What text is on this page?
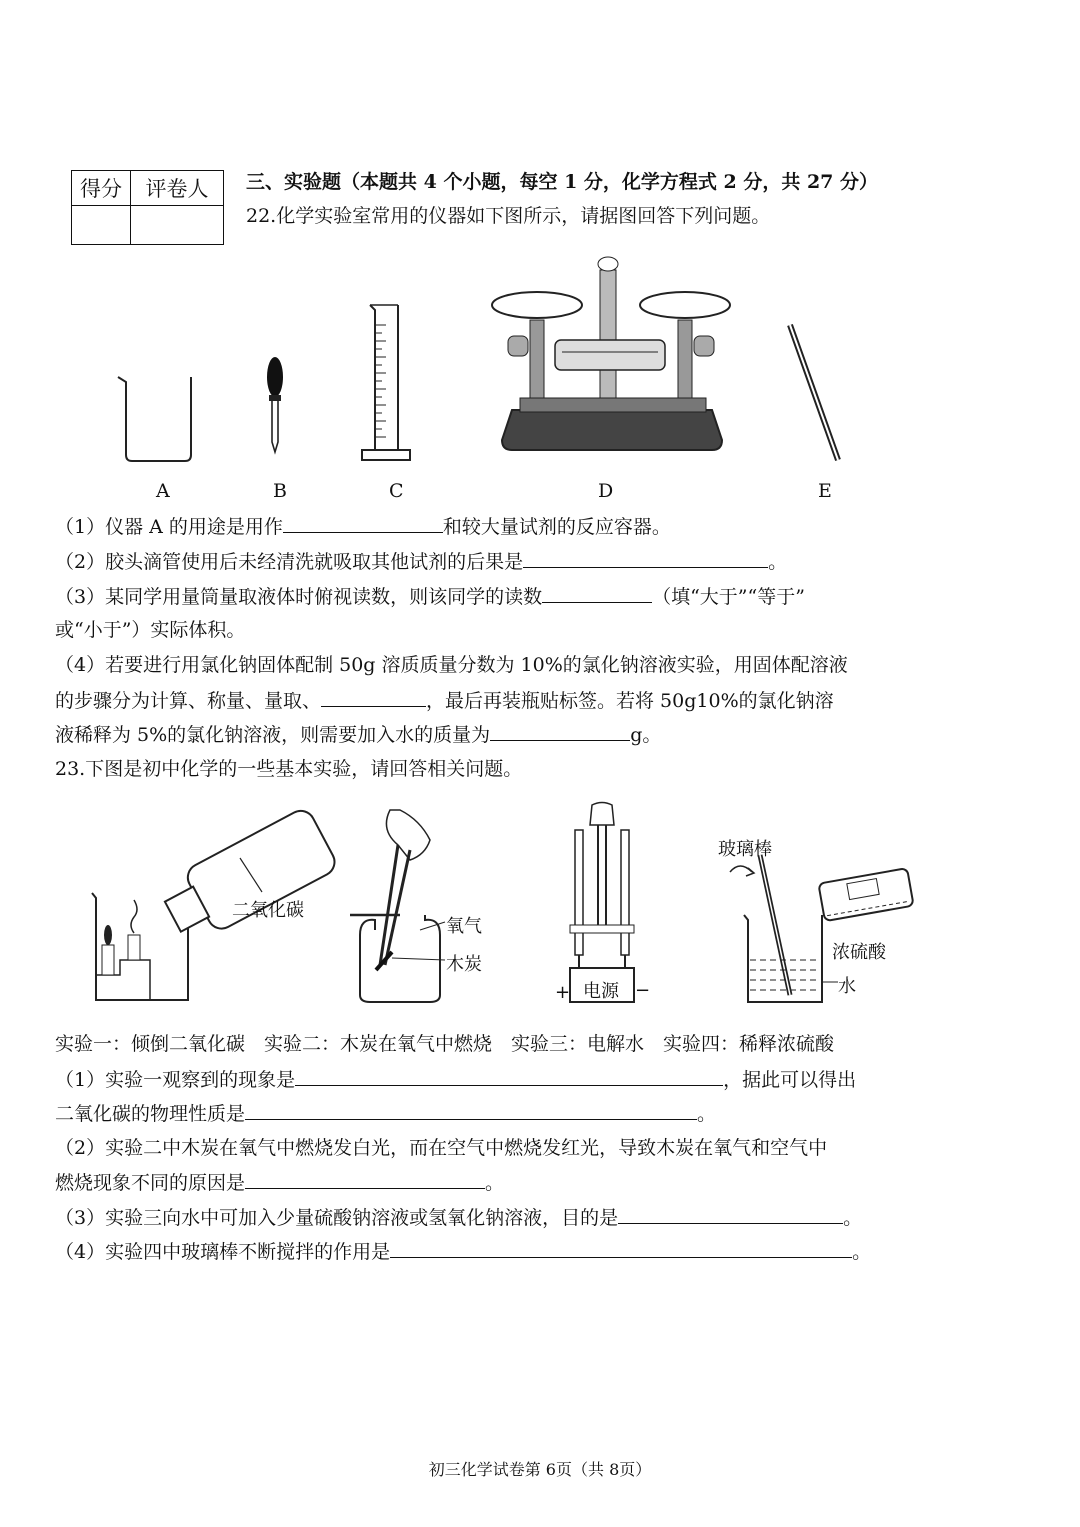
得分	评卷人
	三、实验题（本题共 4 个小题，每空 1 分，化学方程式 2 分，共 27 分）
22.化学实验室常用的仪器如下图所示，请据图回答下列问题。
A	B	C	D	E
（1）仪器 A 的用途是用作	和较大量试剂的反应容器。
（2）胶头滴管使用后未经清洗就吸取其他试剂的后果是	。
（3）某同学用量筒量取液体时俯视读数，则该同学的读数	（填“大于”“等于”
或“小于”）实际体积。
（4）若要进行用氯化钠固体配制 50g 溶质质量分数为 10%的氯化钠溶液实验，用固体配溶液
的步骤分为计算、称量、量取、	，最后再装瓶贴标签。若将 50g10%的氯化钠溶
液稀释为 5%的氯化钠溶液，则需要加入水的质量为	g。
23.下图是初中化学的一些基本实验，请回答相关问题。
二氧化碳
氧气
木炭
电源
+	−
玻璃棒
浓硫酸
水
实验一：倾倒二氧化碳　实验二：木炭在氧气中燃烧　实验三：电解水　实验四：稀释浓硫酸
（1）实验一观察到的现象是	，据此可以得出
二氧化碳的物理性质是	。
（2）实验二中木炭在氧气中燃烧发白光，而在空气中燃烧发红光，导致木炭在氧气和空气中
燃烧现象不同的原因是	。
（3）实验三向水中可加入少量硫酸钠溶液或氢氧化钠溶液，目的是	。
（4）实验四中玻璃棒不断搅拌的作用是	。
初三化学试卷第 6页（共 8页）
